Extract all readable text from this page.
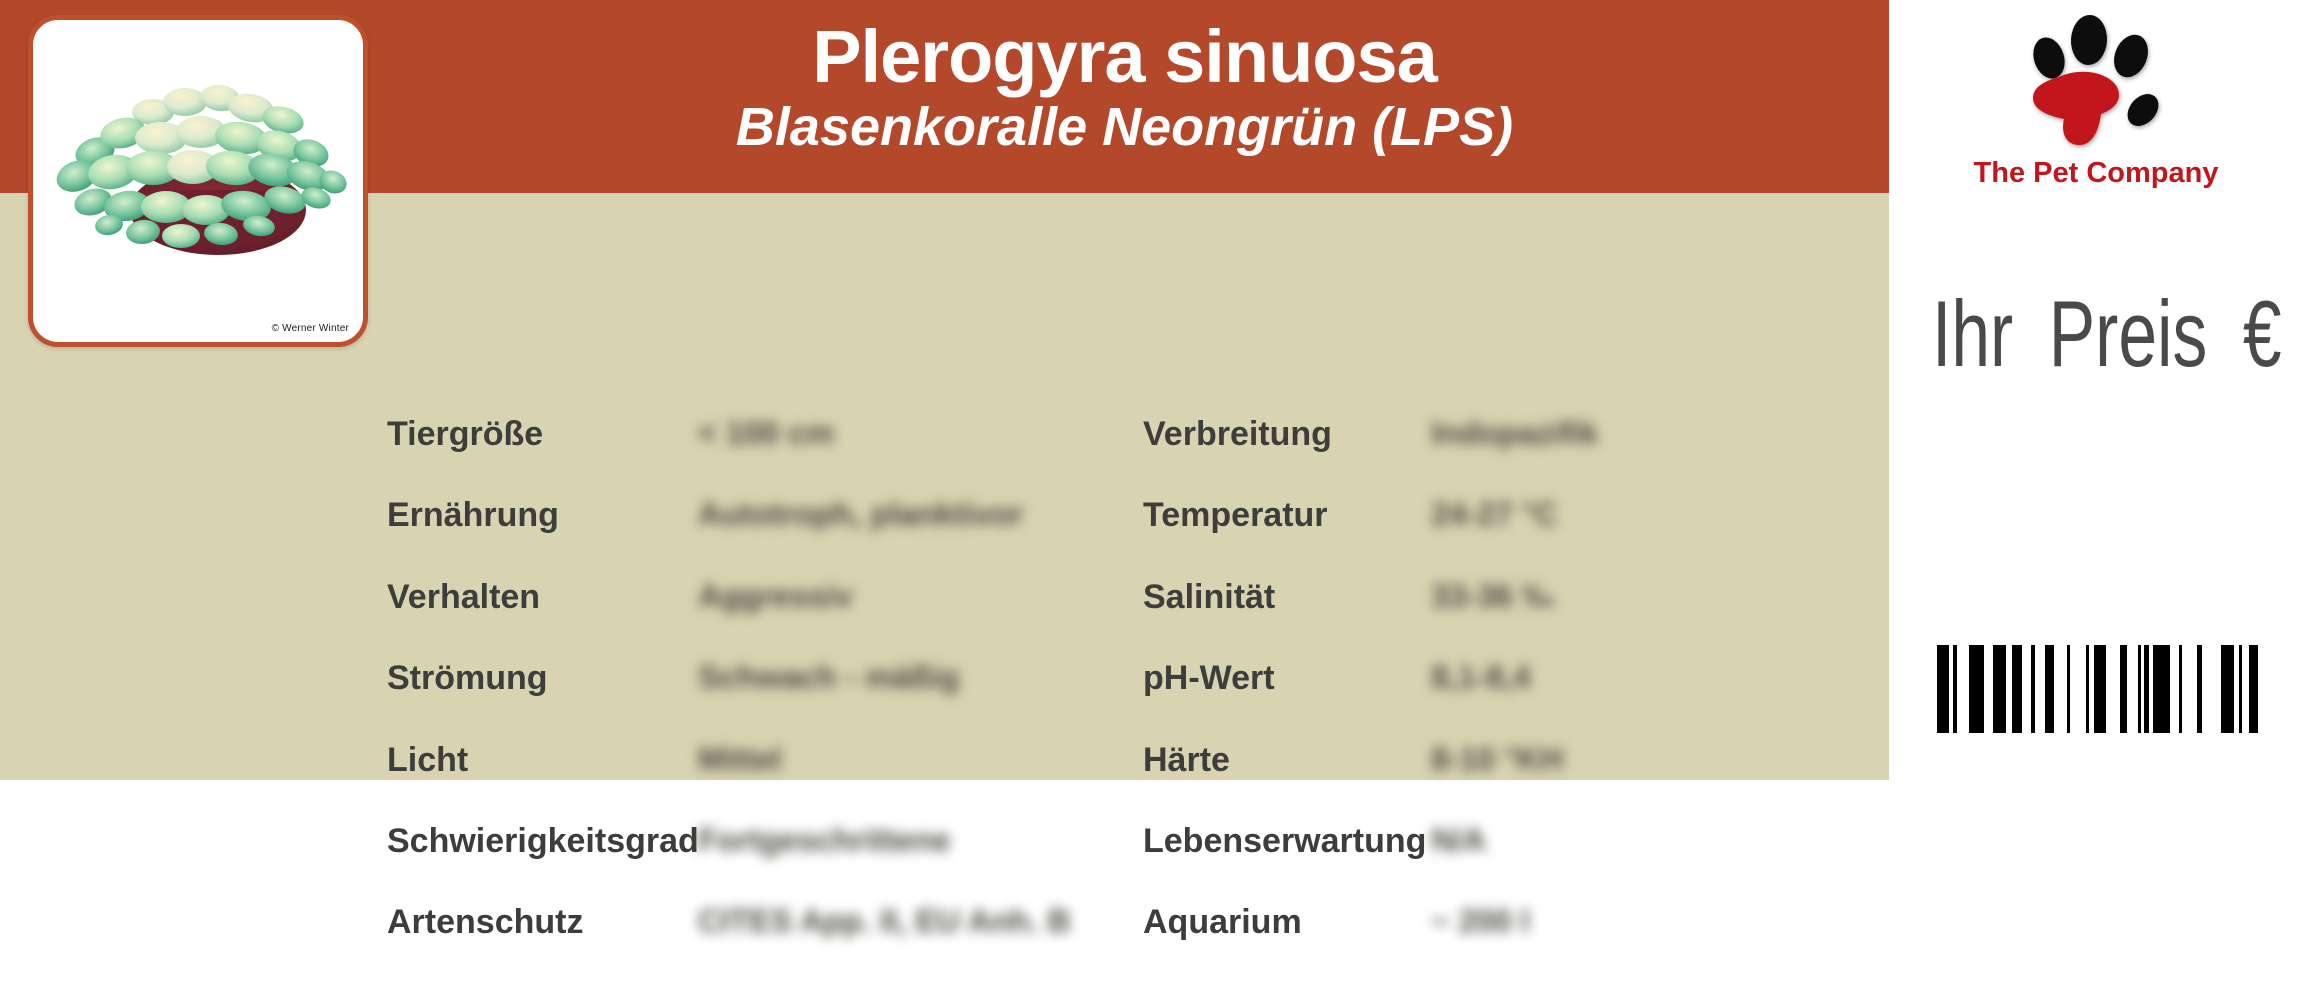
Plerogyra sinuosa
Blasenkoralle Neongrün (LPS)
Tiergröße	< 100 cm
Ernährung	Autotroph, planktivor
Verhalten	Aggressiv
Strömung	Schwach - mäßig
Licht	Mittel
Schwierigkeitsgrad Fortgeschrittene
Artenschutz	CITES App. II, EU Anh. B
Verbreitung	Indopazifik
Temperatur	24-27 °C
Salinität	33-36 ‰
pH-Wert	8,1-8,4
Härte	8-10 °KH
Lebenserwartung N/A
Aquarium	~ 200 l
© Werner Winter
The Pet Company
Ihr Preis €
